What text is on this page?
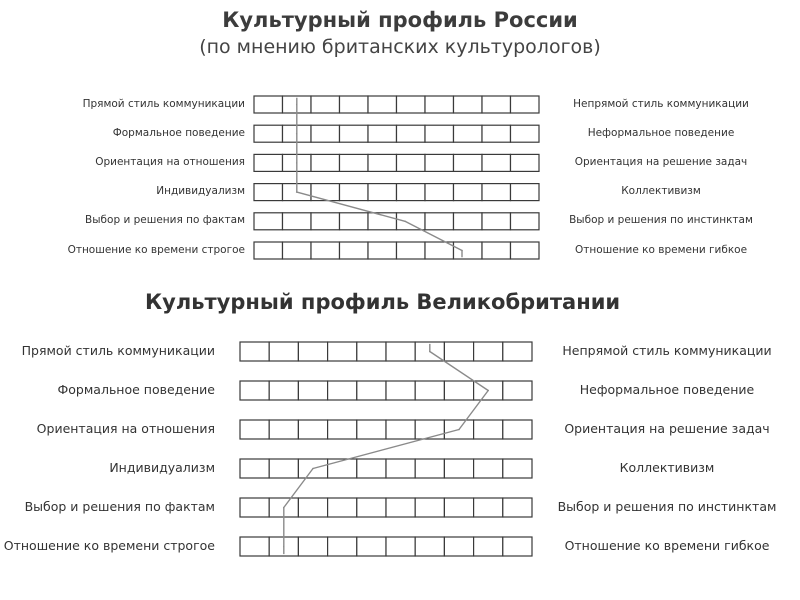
Культурный профиль России
(по мнению британских культурологов)
Культурный профиль Великобритании
Прямой стиль коммуникации	Непрямой стиль коммуникации
Формальное поведение	Неформальное поведение
Ориентация на отношения	Ориентация на решение задач
Индивидуализм	Коллективизм
Выбор и решения по фактам	Выбор и решения по инстинктам
Отношение ко времени строгое	Отношение ко времени гибкое
Прямой стиль коммуникации	Непрямой стиль коммуникации
Формальное поведение	Неформальное поведение
Ориентация на отношения	Ориентация на решение задач
Индивидуализм	Коллективизм
Выбор и решения по фактам	Выбор и решения по инстинктам
Отношение ко времени строгое	Отношение ко времени гибкое
